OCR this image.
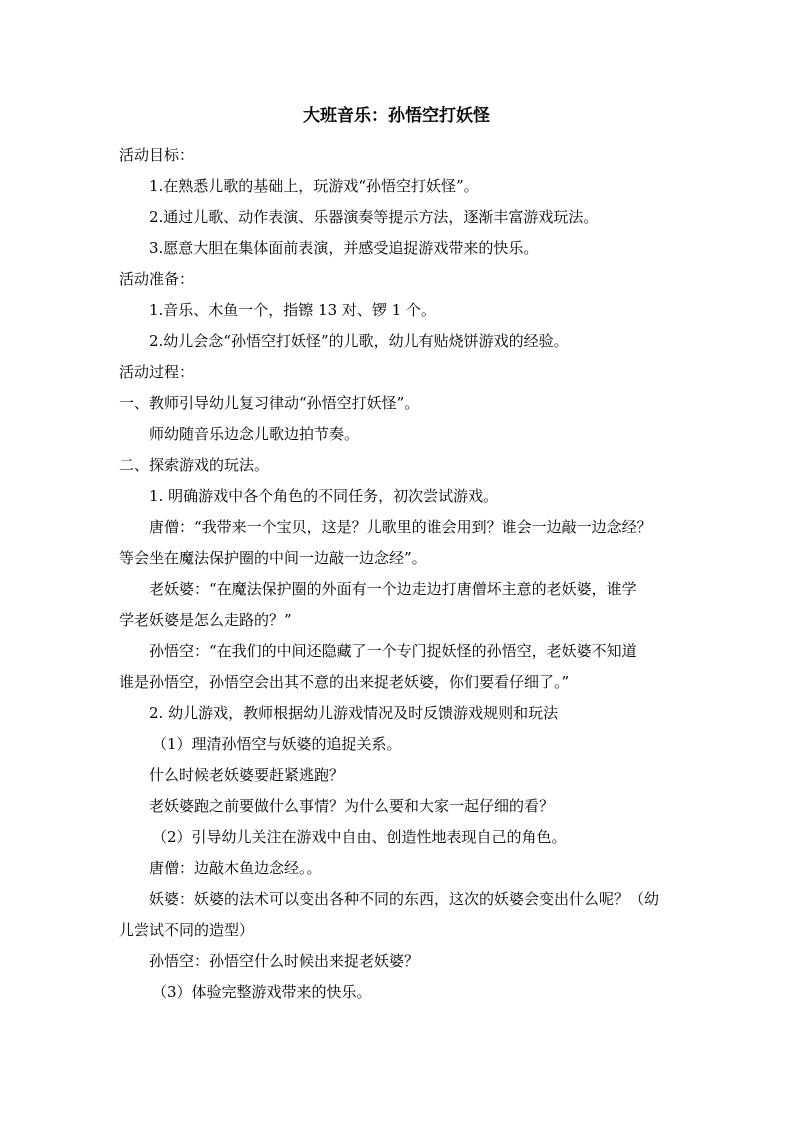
大班音乐：孙悟空打妖怪
活动目标：
1.在熟悉儿歌的基础上，玩游戏“孙悟空打妖怪”。
2.通过儿歌、动作表演、乐器演奏等提示方法，逐渐丰富游戏玩法。
3.愿意大胆在集体面前表演，并感受追捉游戏带来的快乐。
活动准备：
1.音乐、木鱼一个，指镲 13 对、锣 1 个。
2.幼儿会念“孙悟空打妖怪”的儿歌，幼儿有贴烧饼游戏的经验。
活动过程：
一、教师引导幼儿复习律动“孙悟空打妖怪”。
师幼随音乐边念儿歌边拍节奏。
二、探索游戏的玩法。
1. 明确游戏中各个角色的不同任务，初次尝试游戏。
唐僧：“我带来一个宝贝，这是？儿歌里的谁会用到？谁会一边敲一边念经？
等会坐在魔法保护圈的中间一边敲一边念经”。
老妖婆：“在魔法保护圈的外面有一个边走边打唐僧坏主意的老妖婆，谁学
学老妖婆是怎么走路的？”
孙悟空：“在我们的中间还隐藏了一个专门捉妖怪的孙悟空，老妖婆不知道
谁是孙悟空，孙悟空会出其不意的出来捉老妖婆，你们要看仔细了。”
2. 幼儿游戏，教师根据幼儿游戏情况及时反馈游戏规则和玩法
（1）理清孙悟空与妖婆的追捉关系。
什么时候老妖婆要赶紧逃跑？
老妖婆跑之前要做什么事情？为什么要和大家一起仔细的看？
（2）引导幼儿关注在游戏中自由、创造性地表现自己的角色。
唐僧：边敲木鱼边念经。。
妖婆：妖婆的法术可以变出各种不同的东西，这次的妖婆会变出什么呢？（幼
儿尝试不同的造型）
孙悟空：孙悟空什么时候出来捉老妖婆？
（3）体验完整游戏带来的快乐。
